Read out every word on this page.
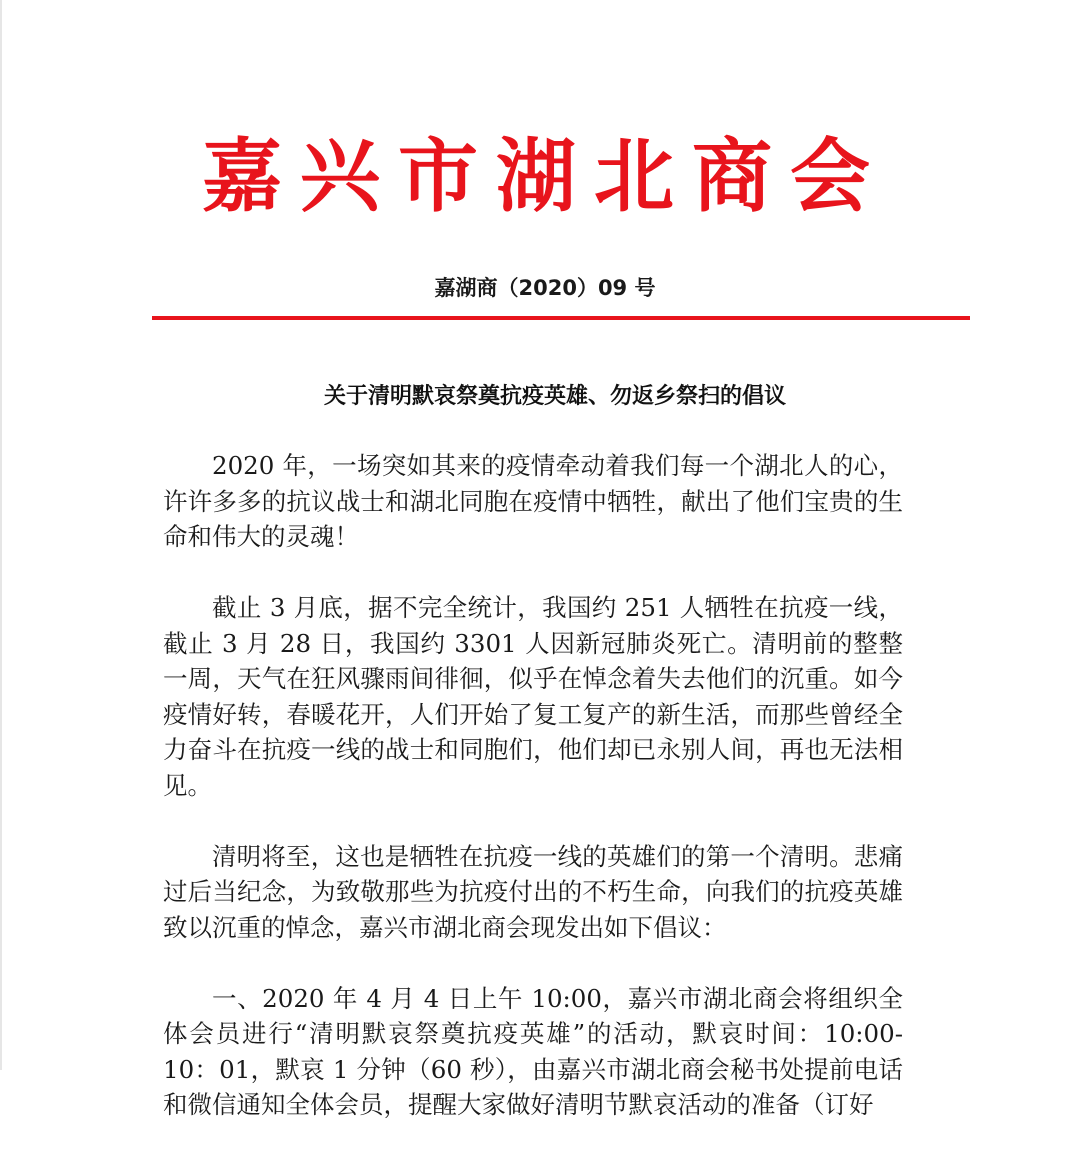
嘉兴市湖北商会
嘉湖商（2020）09 号
关于清明默哀祭奠抗疫英雄、勿返乡祭扫的倡议

2020 年，一场突如其来的疫情牵动着我们每一个湖北人的心，许许多多的抗议战士和湖北同胞在疫情中牺牲，献出了他们宝贵的生命和伟大的灵魂！

截止 3 月底，据不完全统计，我国约 251 人牺牲在抗疫一线，截止 3 月 28 日，我国约 3301 人因新冠肺炎死亡。清明前的整整一周，天气在狂风骤雨间徘徊，似乎在悼念着失去他们的沉重。如今疫情好转，春暖花开，人们开始了复工复产的新生活，而那些曾经全力奋斗在抗疫一线的战士和同胞们，他们却已永别人间，再也无法相见。

清明将至，这也是牺牲在抗疫一线的英雄们的第一个清明。悲痛过后当纪念，为致敬那些为抗疫付出的不朽生命，向我们的抗疫英雄致以沉重的悼念，嘉兴市湖北商会现发出如下倡议：

一、2020 年 4 月 4 日上午 10:00，嘉兴市湖北商会将组织全体会员进行“清明默哀祭奠抗疫英雄”的活动，默哀时间：10:00-10：01，默哀 1 分钟（60 秒），由嘉兴市湖北商会秘书处提前电话和微信通知全体会员，提醒大家做好清明节默哀活动的准备（订好
